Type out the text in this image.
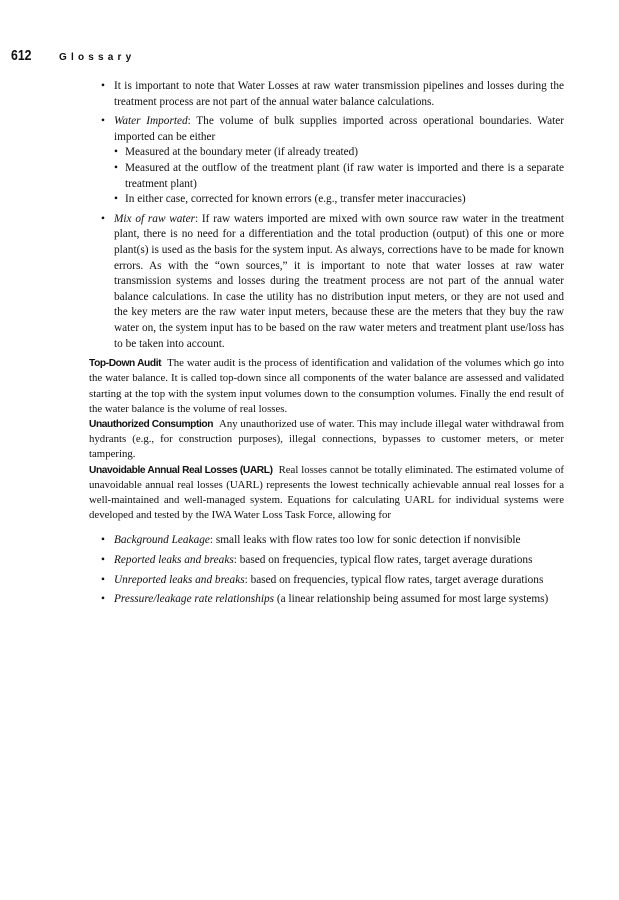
612	Glossary

• It is important to note that Water Losses at raw water transmission pipelines and losses during the treatment process are not part of the annual water balance calculations.

• Water Imported: The volume of bulk supplies imported across operational boundaries. Water imported can be either

• Measured at the boundary meter (if already treated)

• Measured at the outflow of the treatment plant (if raw water is imported and there is a separate treatment plant)

• In either case, corrected for known errors (e.g., transfer meter inaccuracies)

• Mix of raw water: If raw waters imported are mixed with own source raw water in the treatment plant, there is no need for a differentiation and the total production (output) of this one or more plant(s) is used as the basis for the system input. As always, corrections have to be made for known errors. As with the “own sources,” it is important to note that water losses at raw water transmission systems and losses during the treatment process are not part of the annual water balance calculations. In case the utility has no distribution input meters, or they are not used and the key meters are the raw water input meters, because these are the meters that they buy the raw water on, the system input has to be based on the raw water meters and treatment plant use/loss has to be taken into account.

Top-Down Audit The water audit is the process of identification and validation of the volumes which go into the water balance. It is called top-down since all components of the water balance are assessed and validated starting at the top with the system input volumes down to the consumption volumes. Finally the end result of the water balance is the volume of real losses.

Unauthorized Consumption Any unauthorized use of water. This may include illegal water withdrawal from hydrants (e.g., for construction purposes), illegal connections, bypasses to customer meters, or meter tampering.

Unavoidable Annual Real Losses (UARL) Real losses cannot be totally eliminated. The estimated volume of unavoidable annual real losses (UARL) represents the lowest technically achievable annual real losses for a well-maintained and well-managed system. Equations for calculating UARL for individual systems were developed and tested by the IWA Water Loss Task Force, allowing for

• Background Leakage: small leaks with flow rates too low for sonic detection if nonvisible

• Reported leaks and breaks: based on frequencies, typical flow rates, target average durations

• Unreported leaks and breaks: based on frequencies, typical flow rates, target average durations

• Pressure/leakage rate relationships (a linear relationship being assumed for most large systems)
